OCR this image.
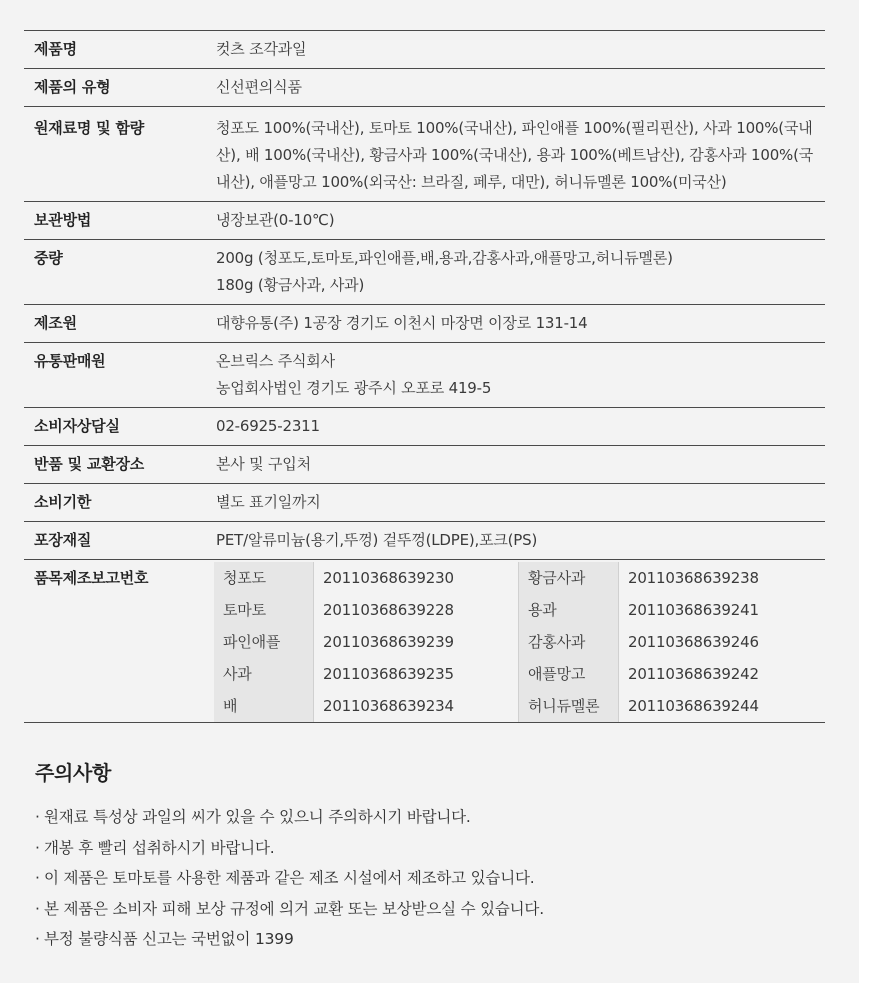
제품명	컷츠 조각과일
제품의 유형	신선편의식품
원재료명 및 함량	청포도 100%(국내산), 토마토 100%(국내산), 파인애플 100%(필리핀산), 사과 100%(국내산), 배 100%(국내산), 황금사과 100%(국내산), 용과 100%(베트남산), 감홍사과 100%(국내산), 애플망고 100%(외국산: 브라질, 페루, 대만), 허니듀멜론 100%(미국산)
보관방법	냉장보관(0-10℃)
중량	200g (청포도,토마토,파인애플,배,용과,감홍사과,애플망고,허니듀멜론)
180g (황금사과, 사과)
제조원	대향유통(주) 1공장 경기도 이천시 마장면 이장로 131-14
유통판매원	온브릭스 주식회사
농업회사법인 경기도 광주시 오포로 419-5
소비자상담실	02-6925-2311
반품 및 교환장소	본사 및 구입처
소비기한	별도 표기일까지
포장재질	PET/알류미늄(용기,뚜껑) 겉뚜껑(LDPE),포크(PS)
품목제조보고번호		청포도	20110368639230	황금사과	20110368639238
토마토	20110368639228	용과	20110368639241
파인애플	20110368639239	감홍사과	20110368639246
사과	20110368639235	애플망고	20110368639242
배	20110368639234	허니듀멜론	20110368639244
주의사항
· 원재료 특성상 과일의 씨가 있을 수 있으니 주의하시기 바랍니다.
· 개봉 후 빨리 섭취하시기 바랍니다.
· 이 제품은 토마토를 사용한 제품과 같은 제조 시설에서 제조하고 있습니다.
· 본 제품은 소비자 피해 보상 규정에 의거 교환 또는 보상받으실 수 있습니다.
· 부정 불량식품 신고는 국번없이 1399
